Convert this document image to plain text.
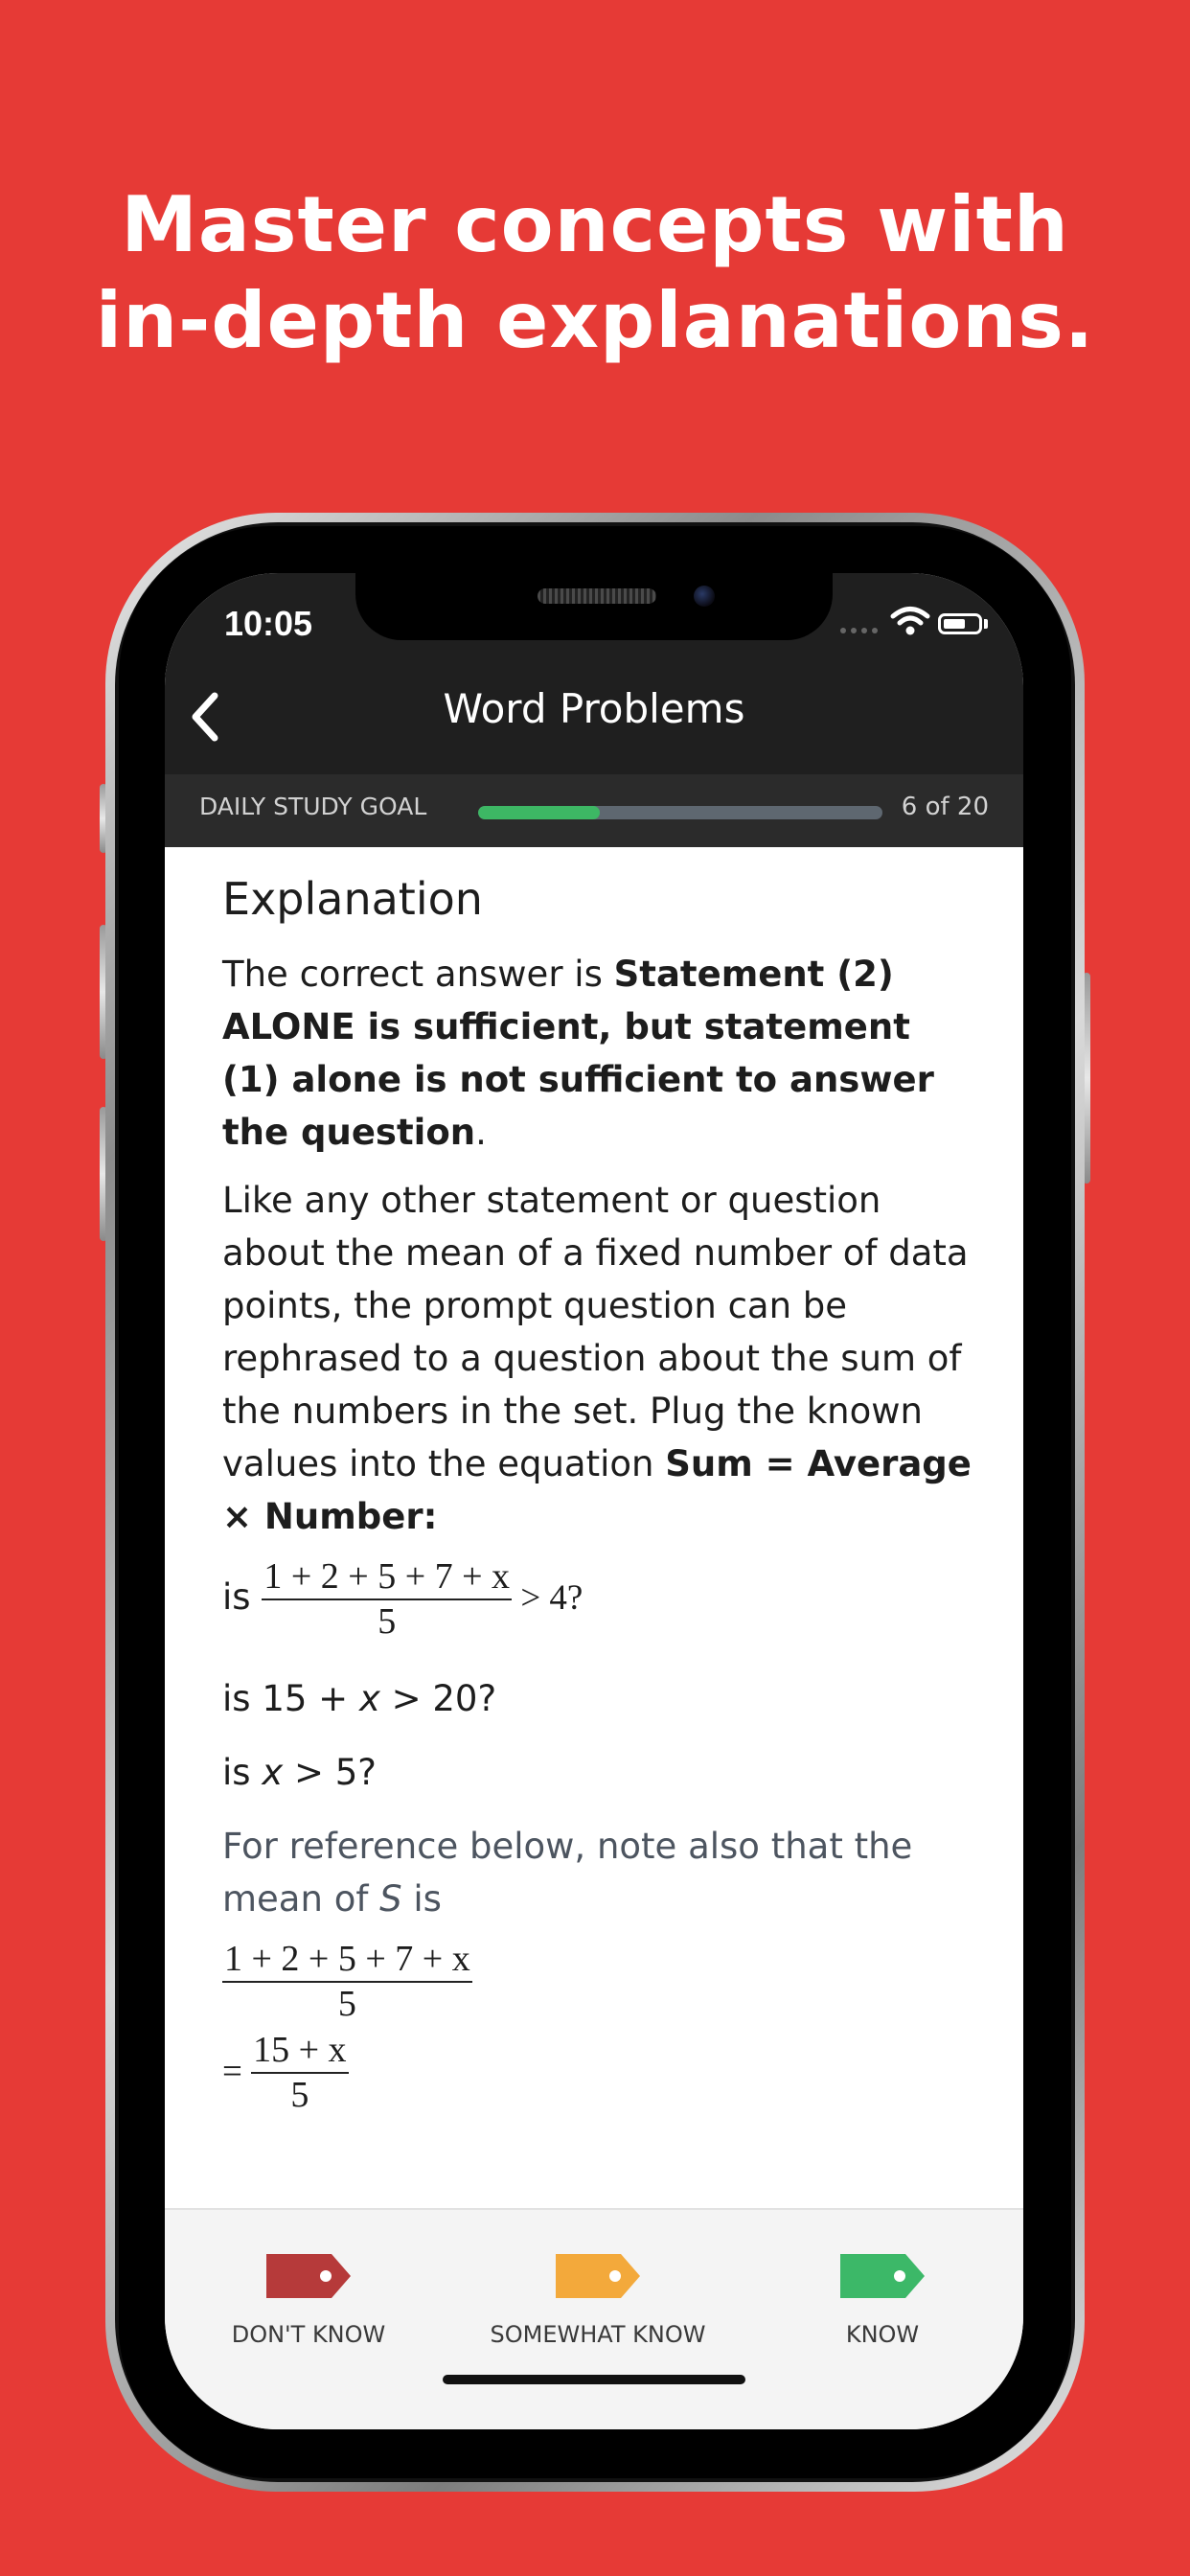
Master concepts with
in-depth explanations.
10:05
Word Problems
DAILY STUDY GOAL	6 of 20
Explanation

The correct answer is Statement (2) ALONE is sufficient, but statement (1) alone is not sufficient to answer the question.

Like any other statement or question about the mean of a fixed number of data points, the prompt question can be rephrased to a question about the sum of the numbers in the set. Plug the known values into the equation Sum = Average × Number:

is $\frac{1 + 2 + 5 + 7 + x}{5} > 4$?

is 15 + x > 20?

is x > 5?

For reference below, note also that the mean of S is

$\frac{1 + 2 + 5 + 7 + x}{5}$

= $\frac{15 + x}{5}$

DON'T KNOW	SOMEWHAT KNOW	KNOW
